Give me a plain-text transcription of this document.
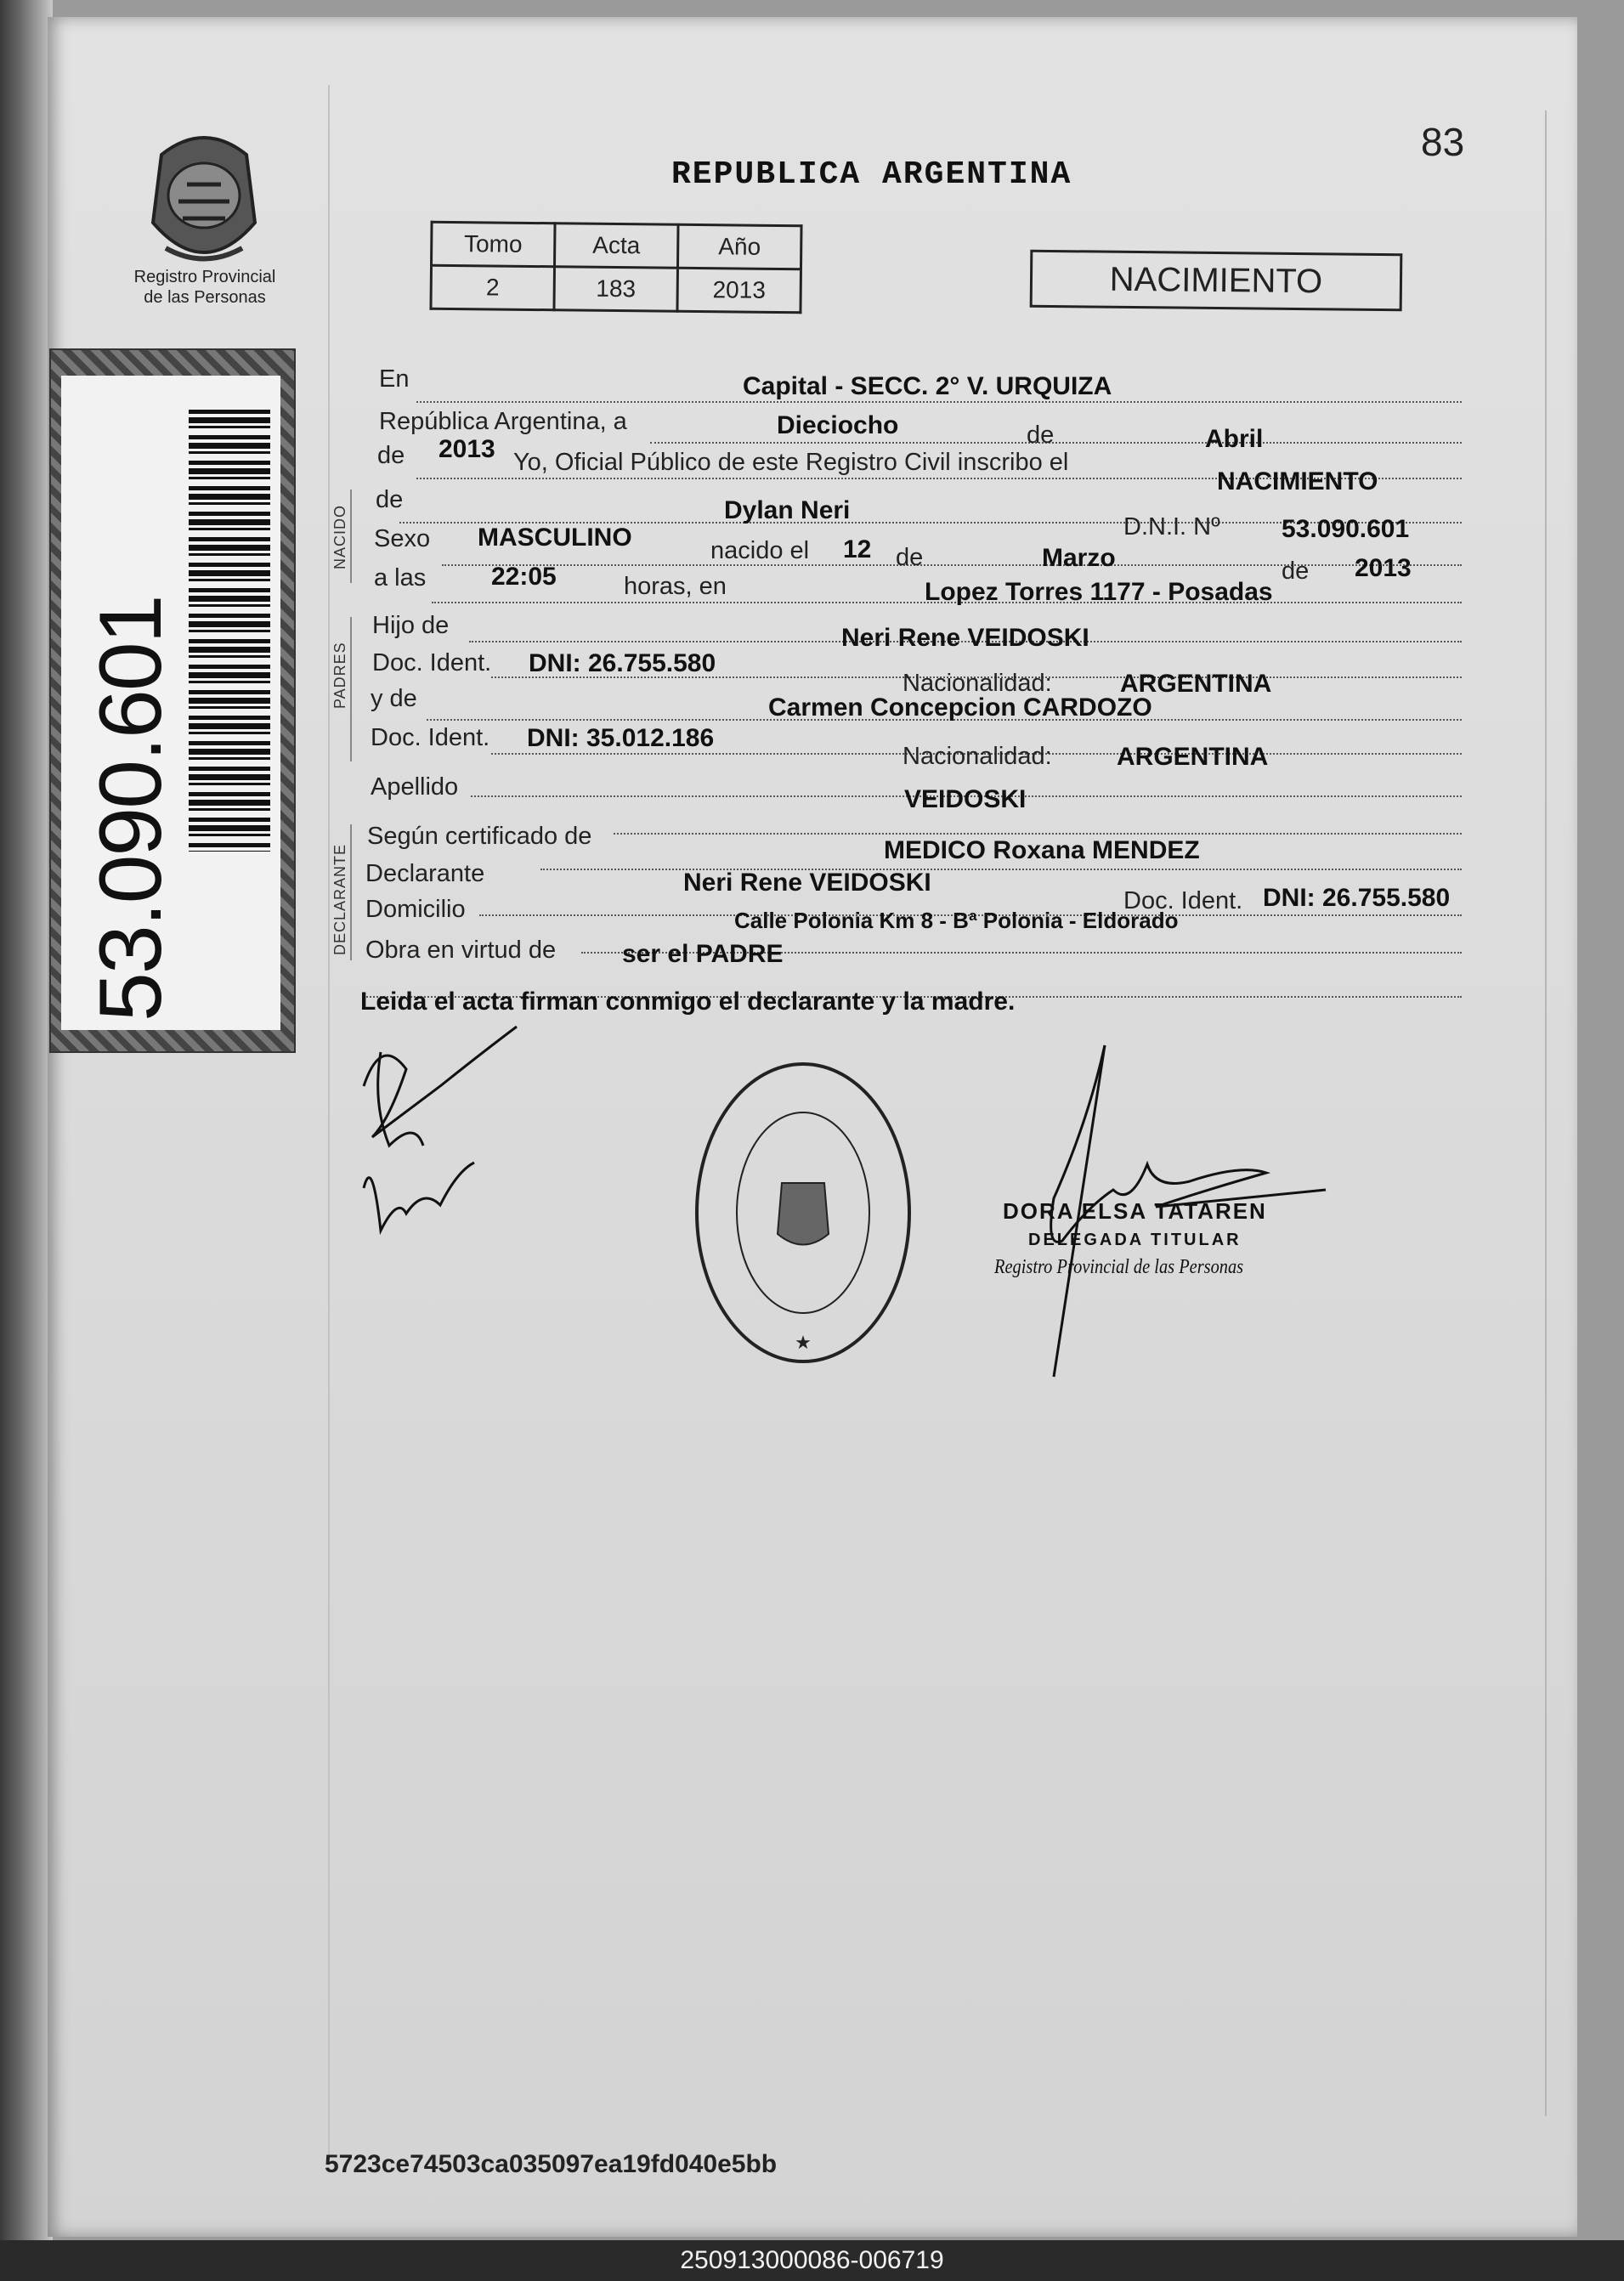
83
REPUBLICA ARGENTINA
Registro Provincial
de las Personas
53.090.601
Tomo	Acta	Año
2	183	2013	NACIMIENTO
En	Capital - SECC. 2° V. URQUIZA
República Argentina, a	Dieciocho	de	Abril
de 2013 Yo, Oficial Público de este Registro Civil inscribo el
NACIMIENTO
de	Dylan Neri
D.N.I. Nº 53.090.601
Sexo MASCULINO	nacido el 12 de	Marzo	de 2013
a las	22:05	horas, en	Lopez Torres 1177 - Posadas
Hijo de	Neri Rene VEIDOSKI
Doc. Ident. DNI: 26.755.580
Nacionalidad:	ARGENTINA
y de	Carmen Concepcion CARDOZO
Doc. Ident. DNI: 35.012.186
Nacionalidad:	ARGENTINA
Apellido	VEIDOSKI
Según certificado de	MEDICO Roxana MENDEZ
Declarante	Neri Rene VEIDOSKI
Doc. Ident. DNI: 26.755.580
Domicilio	Calle Polonia Km 8 - Bª Polonia - Eldorado
Obra en virtud de	ser el PADRE
NACIDO
PADRES
DECLARANTE
Leida el acta firman conmigo el declarante y la madre.
★
DORA ELSA TATAREN
DELEGADA TITULAR
Registro Provincial de las Personas
5723ce74503ca035097ea19fd040e5bb
250913000086-006719
